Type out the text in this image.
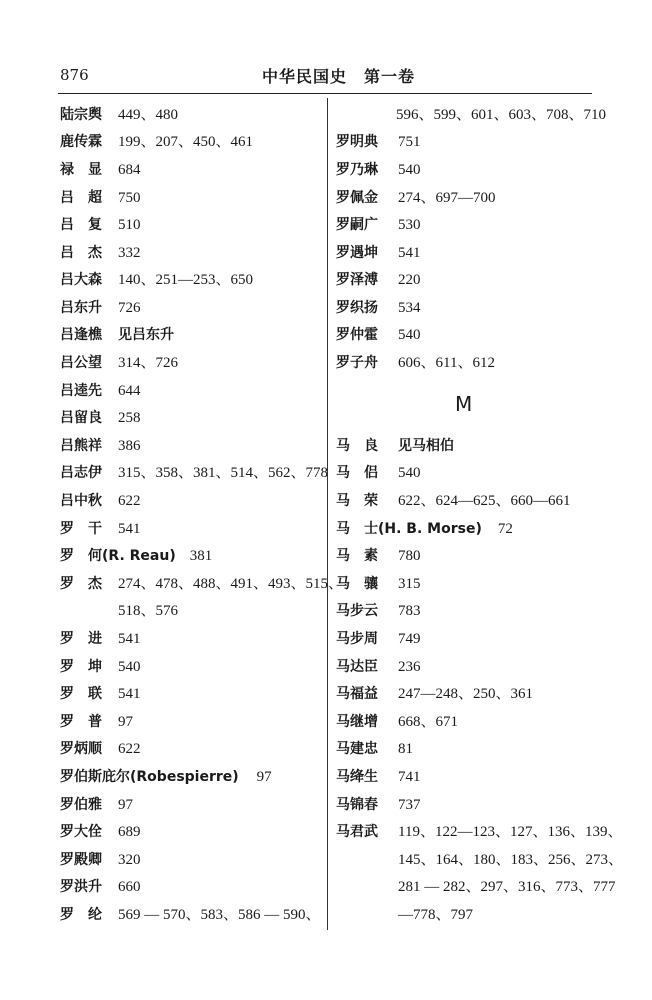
876	中华民国史　第一卷
陆宗舆 449、480
鹿传霖 199、207、450、461
禄　显 684
吕　超 750
吕　复 510
吕　杰 332
吕大森 140、251—253、650
吕东升 726
吕逢樵 见吕东升
吕公望 314、726
吕逵先 644
吕留良 258
吕熊祥 386
吕志伊 315、358、381、514、562、778
吕中秋 622
罗　干 541
罗　何(R. Reau) 381
罗　杰 274、478、488、491、493、515、
518、576
罗　进 541
罗　坤 540
罗　联 541
罗　普 97
罗炳顺 622
罗伯斯庇尔(Robespierre) 97
罗伯雅 97
罗大佺 689
罗殿卿 320
罗洪升 660
罗　纶 569 — 570、583、586 — 590、
596、599、601、603、708、710
罗明典 751
罗乃琳 540
罗佩金 274、697—700
罗嗣广 530
罗遇坤 541
罗泽溥 220
罗织扬 534
罗仲霍 540
罗子舟 606、611、612
M
马　良 见马相伯
马　侣 540
马　荣 622、624—625、660—661
马　士(H. B. Morse) 72
马　素 780
马　骧 315
马步云 783
马步周 749
马达臣 236
马福益 247—248、250、361
马继增 668、671
马建忠 81
马绛生 741
马锦春 737
马君武 119、122—123、127、136、139、
145、164、180、183、256、273、
281 — 282、297、316、773、777
—778、797
